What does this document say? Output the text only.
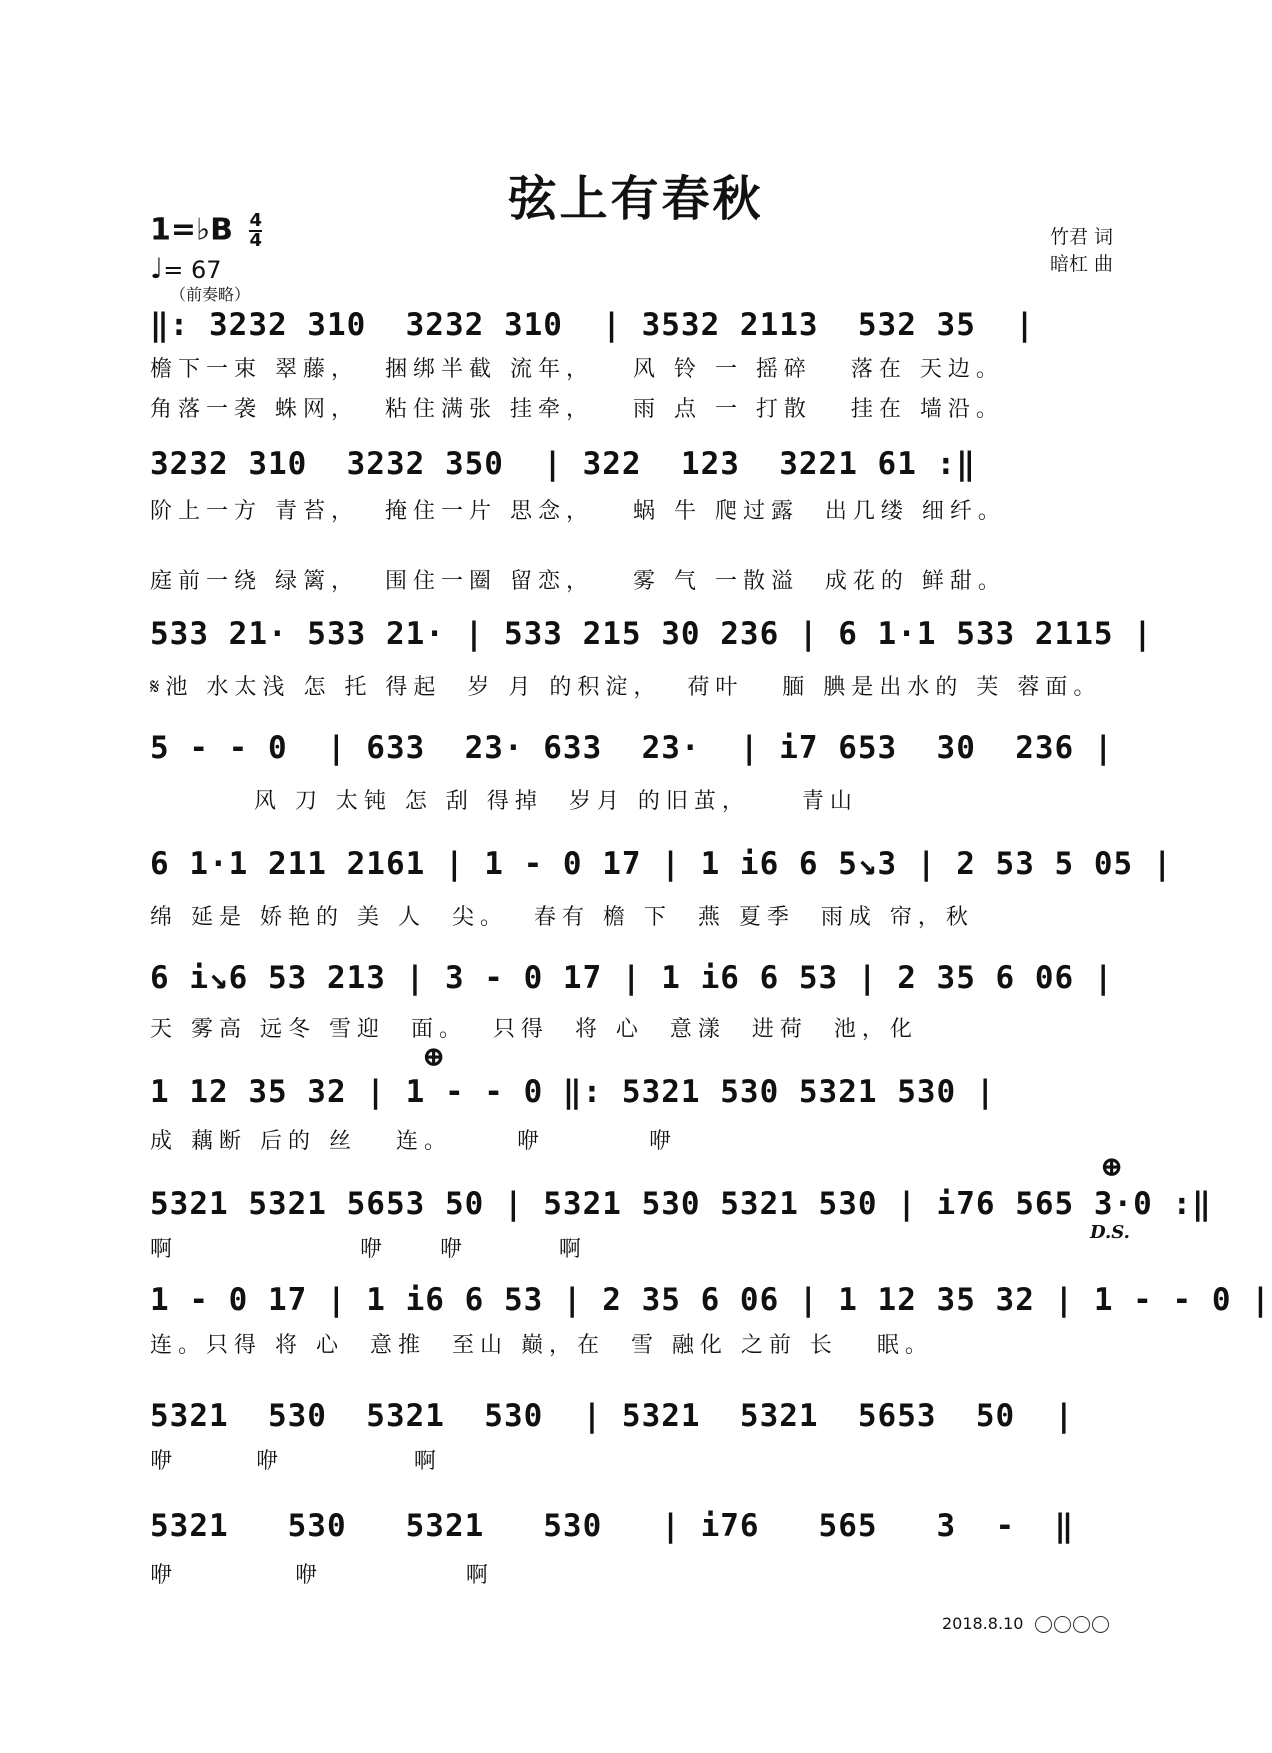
弦上有春秋
1=♭B $\frac{4}{4}$
♩= 67
（前奏略）
竹君 词
暗杠 曲
‖: 3232 310  3232 310  | 3532 2113  532 35  |
檐下一束 翠藤，  捆绑半截 流年，   风 铃 一 摇碎   落在 天边。
角落一袭 蛛网，  粘住满张 挂牵，   雨 点 一 打散   挂在 墙沿。
3232 310  3232 350  | 322  123  3221 61 :‖
阶上一方 青苔，  掩住一片 思念，   蜗 牛 爬过露  出几缕 细纤。
庭前一绕 绿篱，  围住一圈 留恋，   雾 气 一散溢  成花的 鲜甜。
533 21· 533 21· | 533 215 30 236 | 6 1·1 533 2115 |
𝄋池 水太浅 怎 托 得起  岁 月 的积淀，  荷叶   腼 腆是出水的 芙 蓉面。
5 - - 0  | 633  23· 633  23·  | i7 653  30  236 |
风 刀 太钝 怎 刮 得掉  岁月 的旧茧，    青山
6 1·1 211 2161 | 1 - 0 17 | 1 i6 6 5↘3 | 2 53 5 05 |
绵 延是 娇艳的 美 人  尖。  春有 檐 下  燕 夏季  雨成 帘，秋
6 i↘6 53 213 | 3 - 0 17 | 1 i6 6 53 | 2 35 6 06 |
天 雾高 远冬 雪迎  面。  只得  将 心  意漾  进荷  池，化
⊕
1 12 35 32 | 1 - - 0 ‖: 5321 530 5321 530 |
成 藕断 后的 丝   连。     咿        咿
5321 5321 5653 50 | 5321 530 5321 530 | i76 565 3·0 :‖
啊              咿    咿       啊
⊕
D.S.
1 - 0 17 | 1 i6 6 53 | 2 35 6 06 | 1 12 35 32 | 1 - - 0 |
连。只得 将 心  意推  至山 巅，在  雪 融化 之前 长   眠。
5321  530  5321  530  | 5321  5321  5653  50  |
咿      咿          啊
5321   530   5321   530   | i76   565   3  -  ‖
咿         咿           啊
2018.8.10
